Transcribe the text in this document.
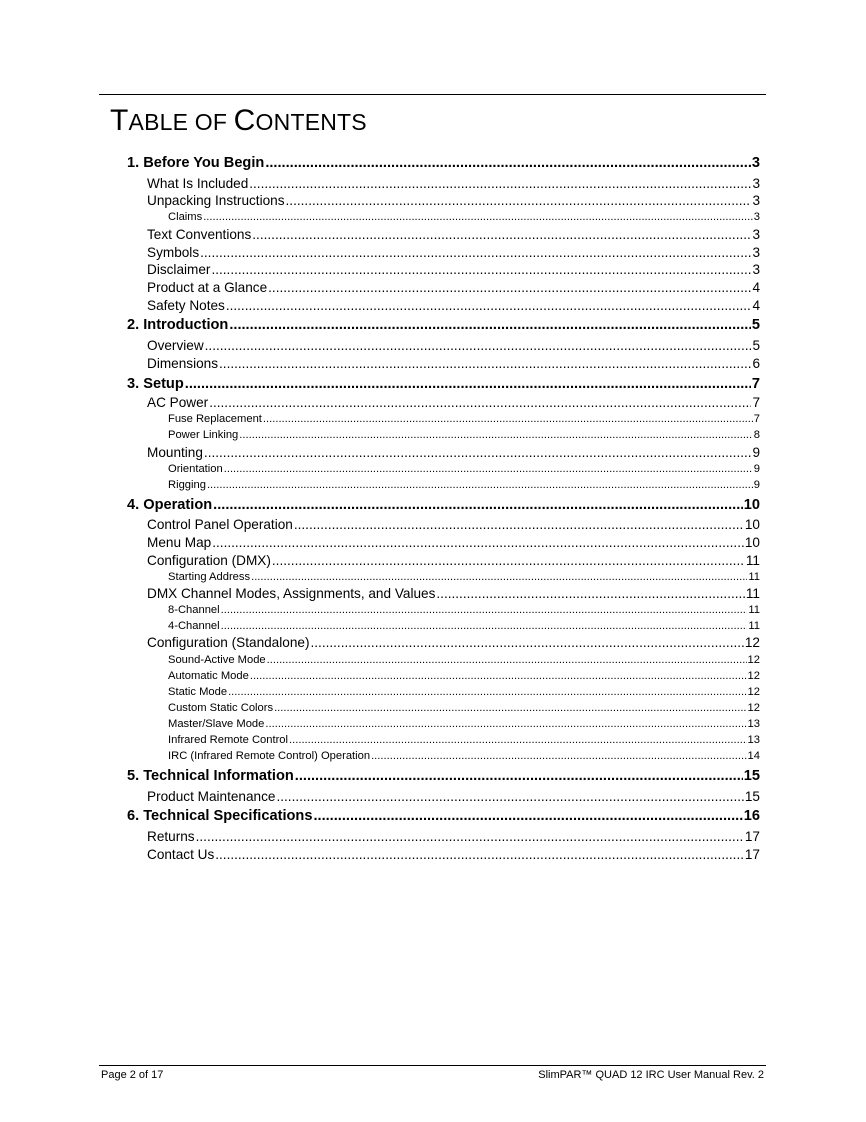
TABLE OF CONTENTS
1. Before You Begin .....	3
What Is Included .....	3
Unpacking Instructions .....	3
Claims .....	3
Text Conventions .....	3
Symbols .....	3
Disclaimer .....	3
Product at a Glance .....	4
Safety Notes .....	4
2. Introduction .....	5
Overview .....	5
Dimensions .....	6
3. Setup .....	7
AC Power .....	7
Fuse Replacement .....	7
Power Linking .....	8
Mounting .....	9
Orientation .....	9
Rigging .....	9
4. Operation .....	10
Control Panel Operation .....	10
Menu Map .....	10
Configuration (DMX) .....	11
Starting Address .....	11
DMX Channel Modes, Assignments, and Values .....	11
8-Channel .....	11
4-Channel .....	11
Configuration (Standalone) .....	12
Sound-Active Mode .....	12
Automatic Mode .....	12
Static Mode .....	12
Custom Static Colors .....	12
Master/Slave Mode .....	13
Infrared Remote Control .....	13
IRC (Infrared Remote Control) Operation .....	14
5. Technical Information .....	15
Product Maintenance .....	15
6. Technical Specifications .....	16
Returns .....	17
Contact Us .....	17
Page 2 of 17	SlimPAR™ QUAD 12 IRC User Manual Rev. 2
